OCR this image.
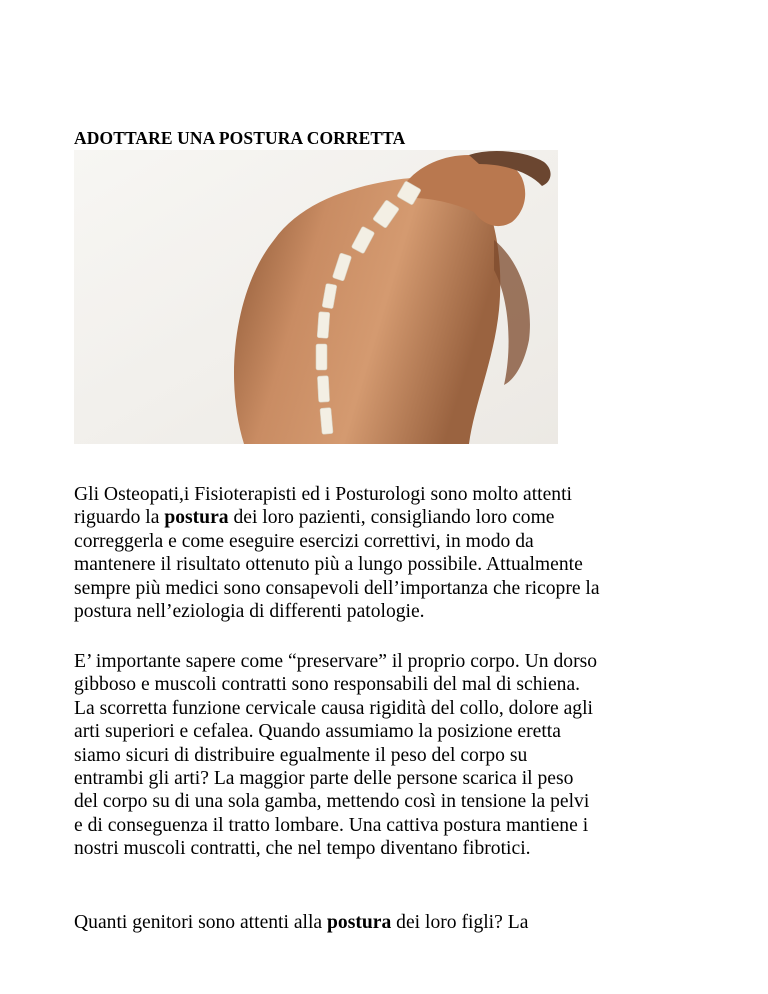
ADOTTARE UNA POSTURA CORRETTA

Gli Osteopati,i Fisioterapisti ed i Posturologi sono molto attenti
riguardo la postura dei loro pazienti, consigliando loro come
correggerla e come eseguire esercizi correttivi, in modo da
mantenere il risultato ottenuto più a lungo possibile. Attualmente
sempre più medici sono consapevoli dell’importanza che ricopre la
postura nell’eziologia di differenti patologie.

E’ importante sapere come “preservare” il proprio corpo. Un dorso
gibboso e muscoli contratti sono responsabili del mal di schiena.
La scorretta funzione cervicale causa rigidità del collo, dolore agli
arti superiori e cefalea. Quando assumiamo la posizione eretta
siamo sicuri di distribuire egualmente il peso del corpo su
entrambi gli arti? La maggior parte delle persone scarica il peso
del corpo su di una sola gamba, mettendo così in tensione la pelvi
e di conseguenza il tratto lombare. Una cattiva postura mantiene i
nostri muscoli contratti, che nel tempo diventano fibrotici.

Quanti genitori sono attenti alla postura dei loro figli? La
